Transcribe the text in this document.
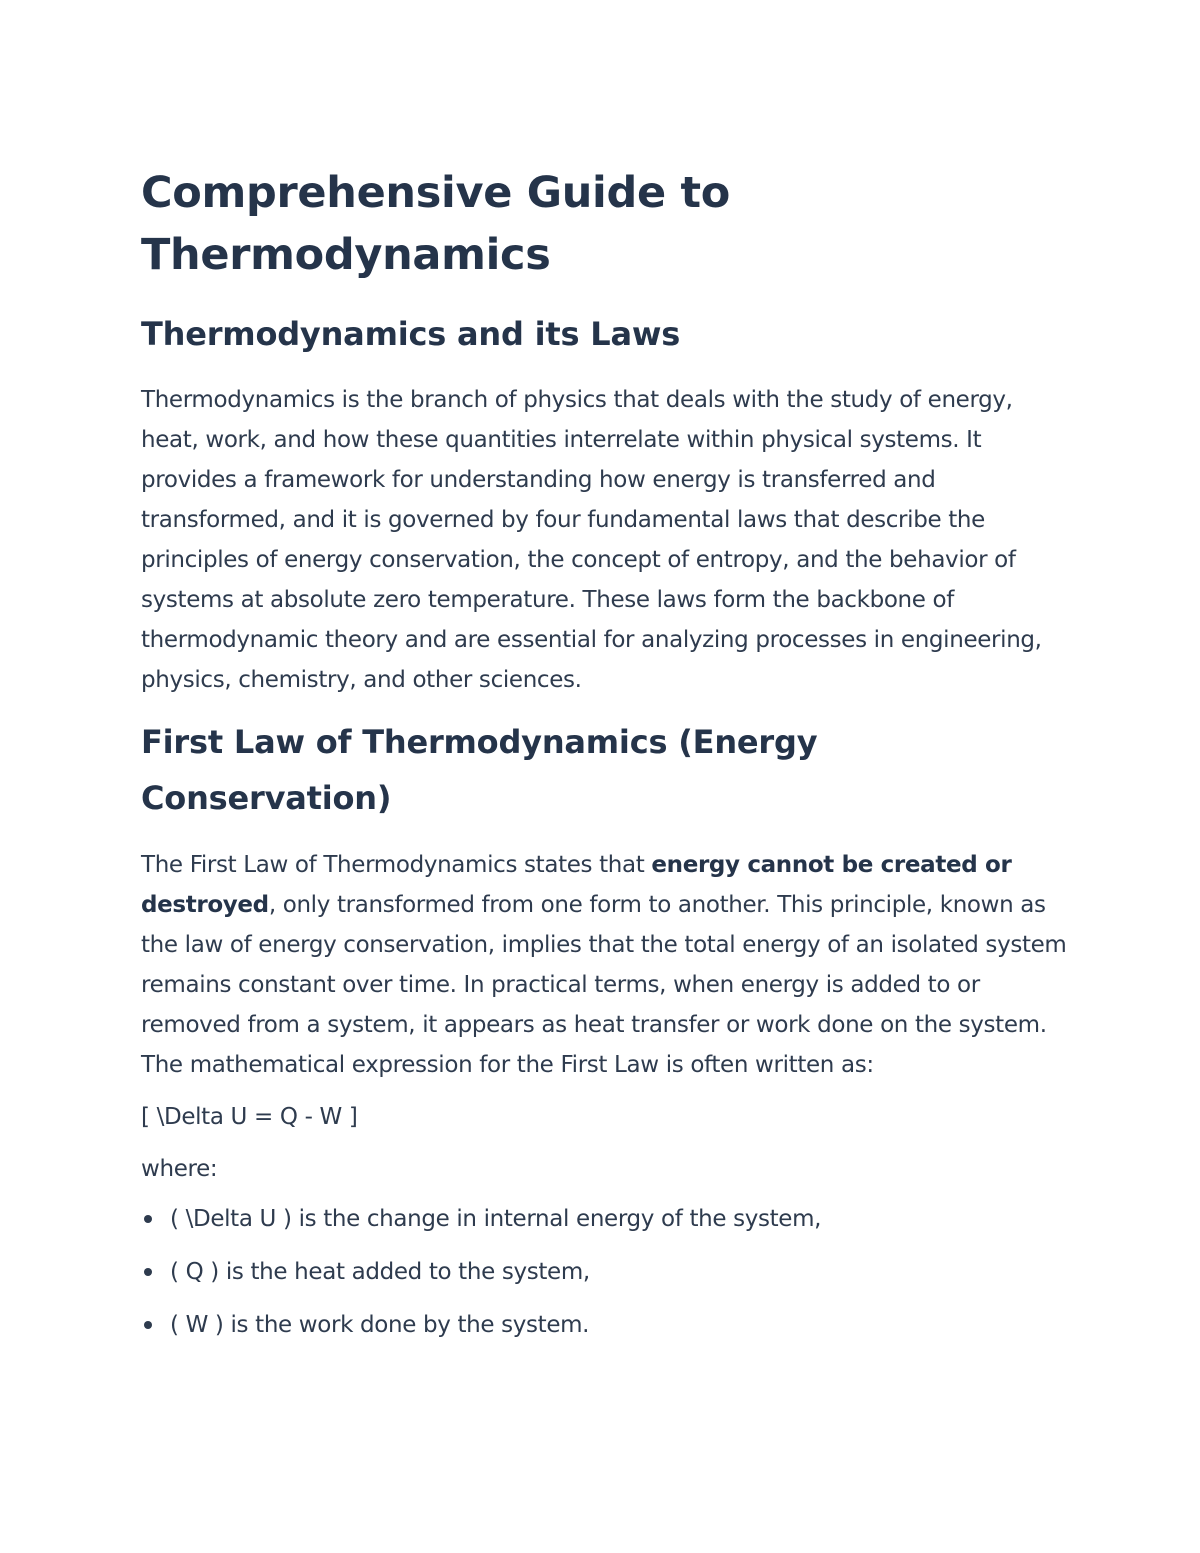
Comprehensive Guide to Thermodynamics
Thermodynamics and its Laws

Thermodynamics is the branch of physics that deals with the study of energy, heat, work, and how these quantities interrelate within physical systems. It provides a framework for understanding how energy is transferred and transformed, and it is governed by four fundamental laws that describe the principles of energy conservation, the concept of entropy, and the behavior of systems at absolute zero temperature. These laws form the backbone of thermodynamic theory and are essential for analyzing processes in engineering, physics, chemistry, and other sciences.

First Law of Thermodynamics (Energy Conservation)

The First Law of Thermodynamics states that energy cannot be created or destroyed, only transformed from one form to another. This principle, known as the law of energy conservation, implies that the total energy of an isolated system remains constant over time. In practical terms, when energy is added to or removed from a system, it appears as heat transfer or work done on the system. The mathematical expression for the First Law is often written as:

[ \Delta U = Q - W ]

where:

( \Delta U ) is the change in internal energy of the system,
( Q ) is the heat added to the system,
( W ) is the work done by the system.
